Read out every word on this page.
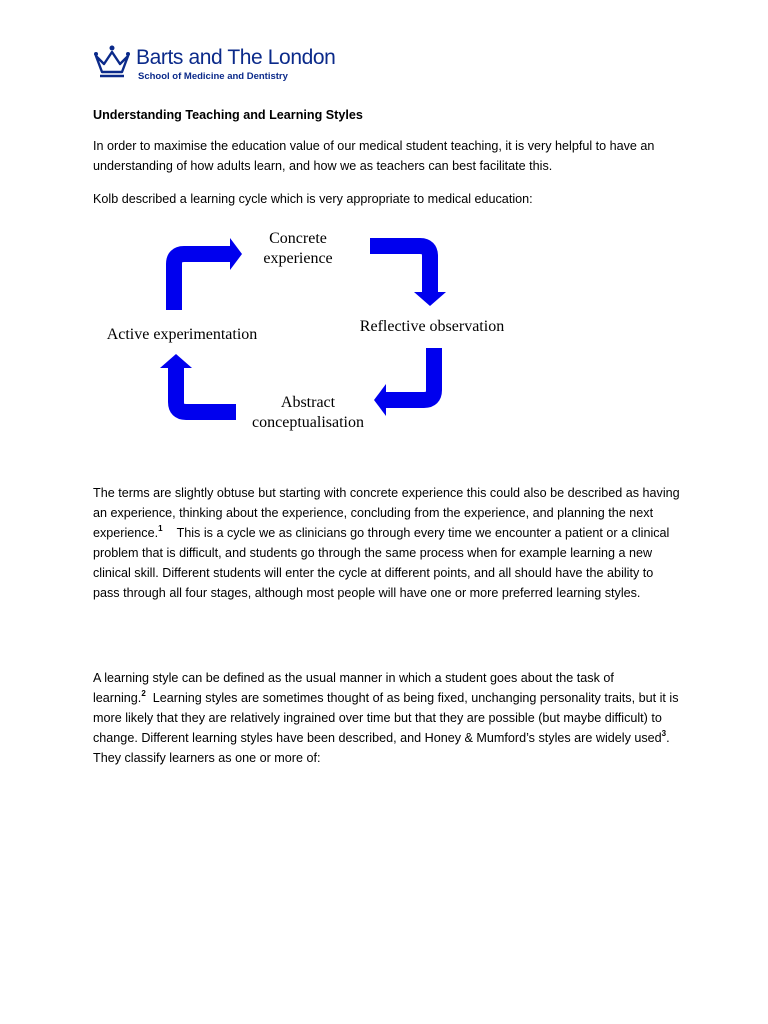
Barts and The London
School of Medicine and Dentistry
Understanding Teaching and Learning Styles

In order to maximise the education value of our medical student teaching, it is very helpful to have an understanding of how adults learn, and how we as teachers can best facilitate this.

Kolb described a learning cycle which is very appropriate to medical education:

Concrete
experience
Reflective observation
Abstract
conceptualisation
Active experimentation

The terms are slightly obtuse but starting with concrete experience this could also be described as having an experience, thinking about the experience, concluding from the experience, and planning the next experience.$^1$ This is a cycle we as clinicians go through every time we encounter a patient or a clinical problem that is difficult, and students go through the same process when for example learning a new clinical skill. Different students will enter the cycle at different points, and all should have the ability to pass through all four stages, although most people will have one or more preferred learning styles.

A learning style can be defined as the usual manner in which a student goes about the task of learning.$^2$ Learning styles are sometimes thought of as being fixed, unchanging personality traits, but it is more likely that they are relatively ingrained over time but that they are possible (but maybe difficult) to change. Different learning styles have been described, and Honey & Mumford’s styles are widely used$^3$. They classify learners as one or more of:
